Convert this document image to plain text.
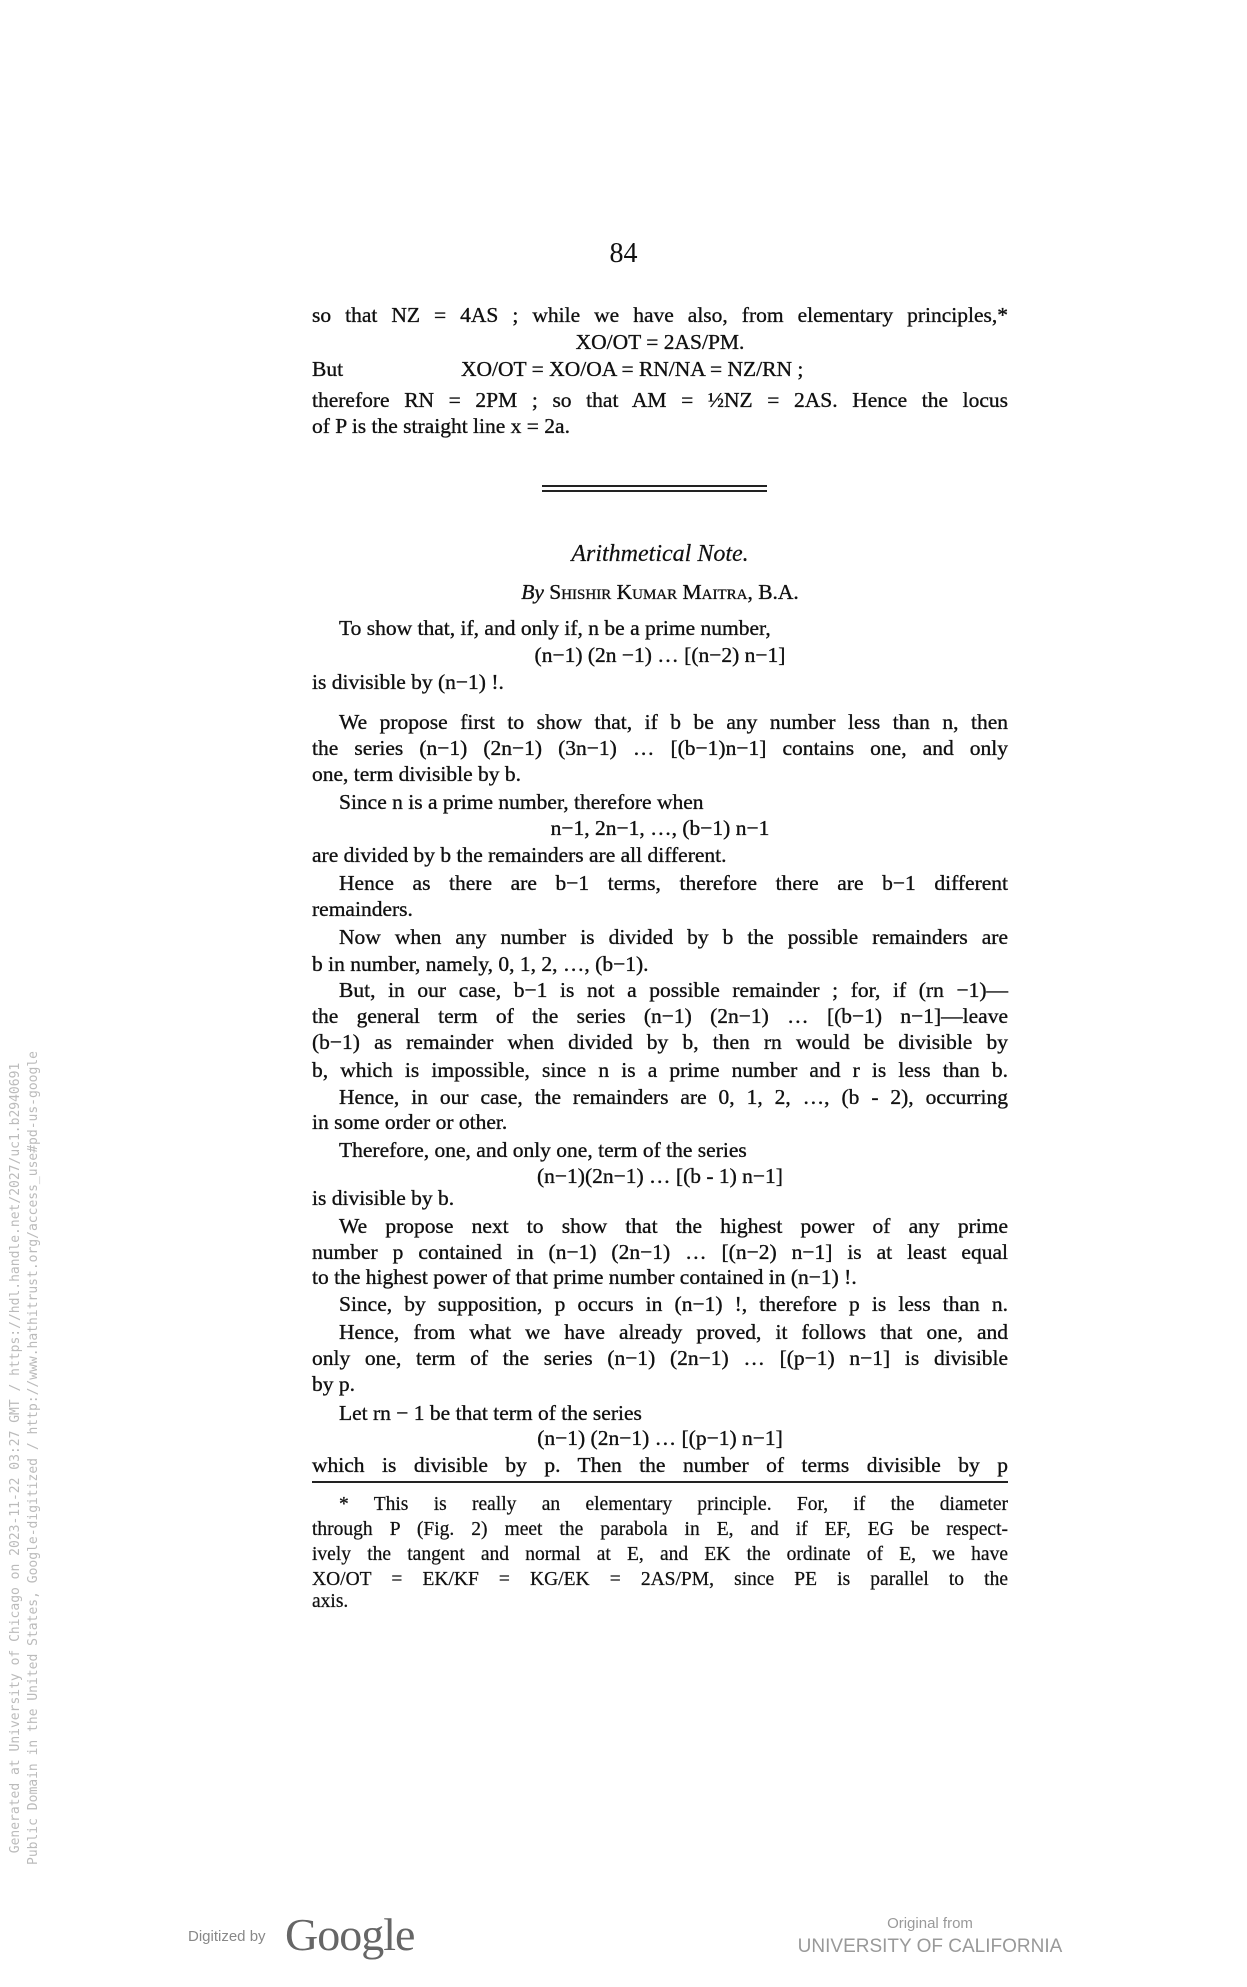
84
so that NZ = 4AS ; while we have also, from elementary principles,*
XO/OT = 2AS/PM.
But	XO/OT = XO/OA = RN/NA = NZ/RN ;
therefore RN = 2PM ; so that AM = ½NZ = 2AS. Hence the locus
of P is the straight line x = 2a.
Arithmetical Note.
By Shishir Kumar Maitra, B.A.
To show that, if, and only if, n be a prime number,
(n−1) (2n −1) … [(n−2) n−1]
is divisible by (n−1) !.
We propose first to show that, if b be any number less than n, then
the series (n−1) (2n−1) (3n−1) … [(b−1)n−1] contains one, and only
one, term divisible by b.
Since n is a prime number, therefore when
n−1, 2n−1, …, (b−1) n−1
are divided by b the remainders are all different.
Hence as there are b−1 terms, therefore there are b−1 different
remainders.
Now when any number is divided by b the possible remainders are
b in number, namely, 0, 1, 2, …, (b−1).
But, in our case, b−1 is not a possible remainder ; for, if (rn −1)—
the general term of the series (n−1) (2n−1) … [(b−1) n−1]—leave
(b−1) as remainder when divided by b, then rn would be divisible by
b, which is impossible, since n is a prime number and r is less than b.
Hence, in our case, the remainders are 0, 1, 2, …, (b - 2), occurring
in some order or other.
Therefore, one, and only one, term of the series
(n−1)(2n−1) … [(b - 1) n−1]
is divisible by b.
We propose next to show that the highest power of any prime
number p contained in (n−1) (2n−1) … [(n−2) n−1] is at least equal
to the highest power of that prime number contained in (n−1) !.
Since, by supposition, p occurs in (n−1) !, therefore p is less than n.
Hence, from what we have already proved, it follows that one, and
only one, term of the series (n−1) (2n−1) … [(p−1) n−1] is divisible
by p.
Let rn − 1 be that term of the series
(n−1) (2n−1) … [(p−1) n−1]
which is divisible by p. Then the number of terms divisible by p
* This is really an elementary principle. For, if the diameter
through P (Fig. 2) meet the parabola in E, and if EF, EG be respect-
ively the tangent and normal at E, and EK the ordinate of E, we have
XO/OT = EK/KF = KG/EK = 2AS/PM, since PE is parallel to the
axis.
Generated at University of Chicago on 2023-11-22 03:27 GMT / https://hdl.handle.net/2027/uc1.b2940691 Public Domain in the United States, Google-digitized / http://www.hathitrust.org/access_use#pd-us-google
Digitized by Google	Original from
UNIVERSITY OF CALIFORNIA
